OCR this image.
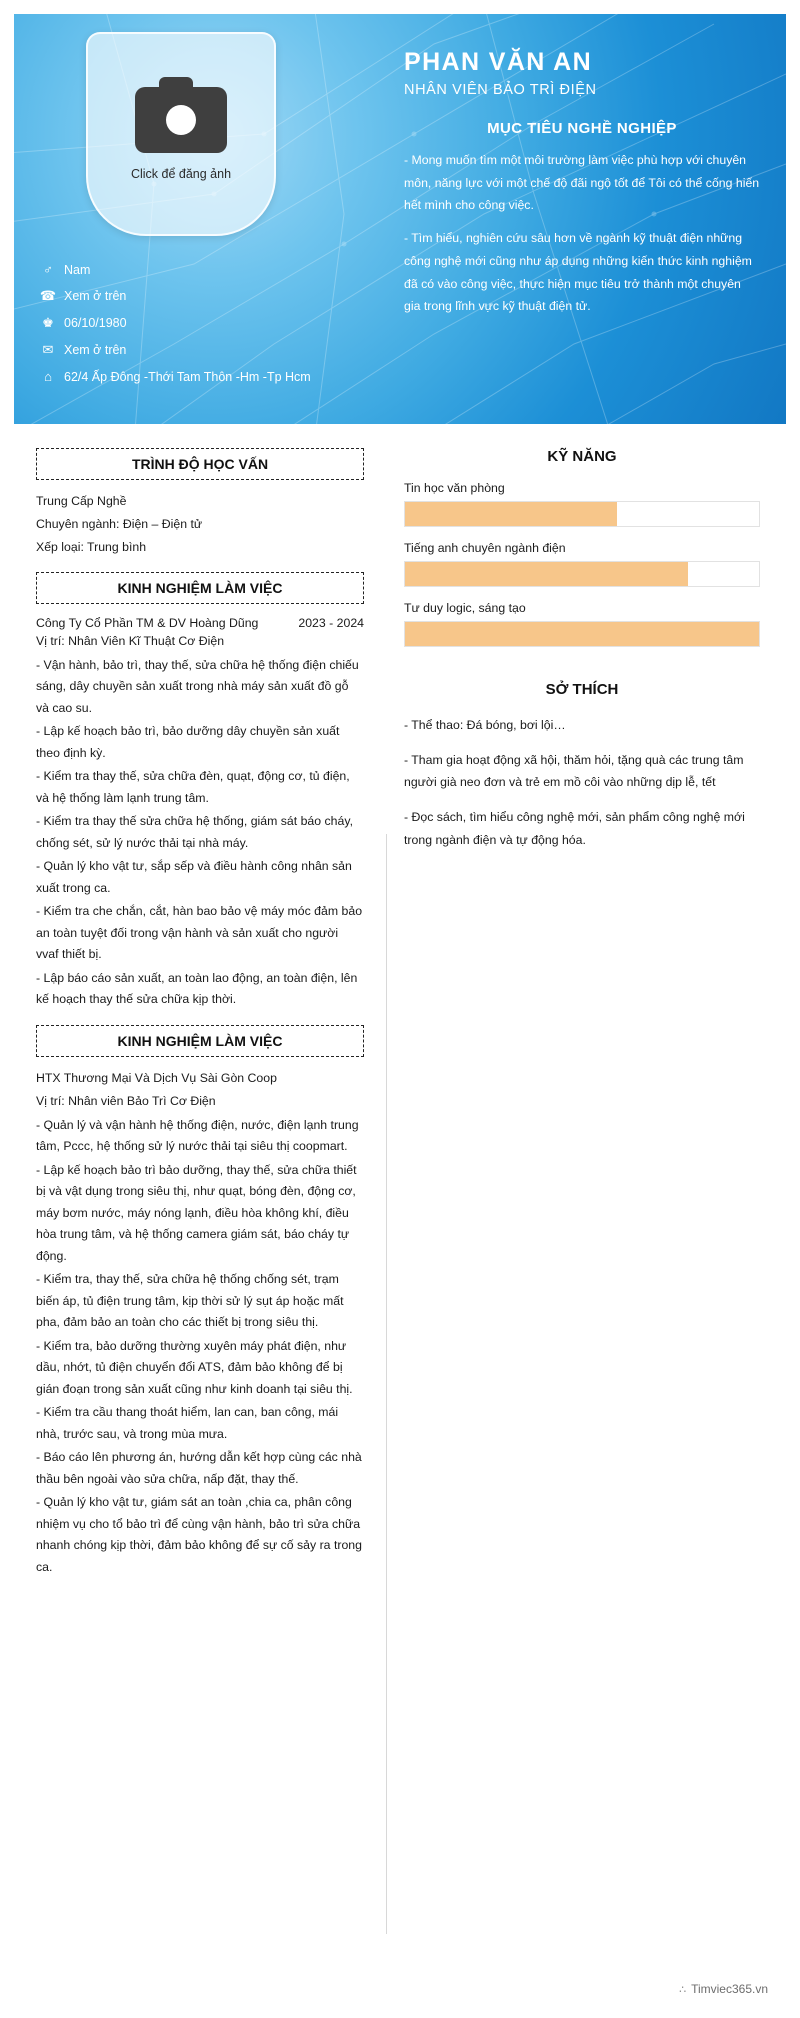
Click để đăng ảnh
♂ Nam
☎ Xem ở trên
♚ 06/10/1980
✉ Xem ở trên
⌂ 62/4 Ấp Đông -Thới Tam Thôn -Hm -Tp Hcm
PHAN VĂN AN
NHÂN VIÊN BẢO TRÌ ĐIỆN
MỤC TIÊU NGHỀ NGHIỆP

- Mong muốn tìm một môi trường làm việc phù hợp với chuyên môn, năng lực với một chế độ đãi ngộ tốt để Tôi có thể cống hiến hết mình cho công việc.

- Tìm hiểu, nghiên cứu sâu hơn về ngành kỹ thuật điện những công nghệ mới cũng như áp dụng những kiến thức kinh nghiệm đã có vào công việc, thực hiện mục tiêu trở thành một chuyên gia trong lĩnh vực kỹ thuật điện tử.

TRÌNH ĐỘ HỌC VẤN

Trung Cấp Nghề

Chuyên ngành: Điện – Điện tử

Xếp loại: Trung bình

KINH NGHIỆM LÀM VIỆC
Công Ty Cổ Phần TM & DV Hoàng Dũng	2023 - 2024

Vị trí: Nhân Viên Kĩ Thuật Cơ Điện

- Vận hành, bảo trì, thay thế, sửa chữa hệ thống điện chiếu sáng, dây chuyền sản xuất trong nhà máy sản xuất đồ gỗ và cao su.

- Lập kế hoạch bảo trì, bảo dưỡng dây chuyền sản xuất theo định kỳ.

- Kiểm tra thay thế, sửa chữa đèn, quạt, động cơ, tủ điện, và hệ thống làm lạnh trung tâm.

- Kiểm tra thay thế sửa chữa hệ thống, giám sát báo cháy, chống sét, sử lý nước thải tại nhà máy.

- Quản lý kho vật tư, sắp sếp và điều hành công nhân sản xuất trong ca.

- Kiểm tra che chắn, cắt, hàn bao bảo vệ máy móc đảm bảo an toàn tuyệt đối trong vận hành và sản xuất cho người vvaf thiết bị.

- Lập báo cáo sản xuất, an toàn lao động, an toàn điện, lên kế hoạch thay thế sửa chữa kịp thời.

KINH NGHIỆM LÀM VIỆC

HTX Thương Mại Và Dịch Vụ Sài Gòn Coop

Vị trí: Nhân viên Bảo Trì Cơ Điện

- Quản lý và vận hành hệ thống điện, nước, điện lạnh trung tâm, Pccc, hệ thống sử lý nước thải tại siêu thị coopmart.

- Lập kế hoạch bảo trì bảo dưỡng, thay thế, sửa chữa thiết bị và vật dụng trong siêu thị, như quạt, bóng đèn, động cơ, máy bơm nước, máy nóng lạnh, điều hòa không khí, điều hòa trung tâm, và hệ thống camera giám sát, báo cháy tự động.

- Kiểm tra, thay thế, sửa chữa hệ thống chống sét, trạm biến áp, tủ điện trung tâm, kịp thời sử lý sụt áp hoặc mất pha, đảm bảo an toàn cho các thiết bị trong siêu thị.

- Kiểm tra, bảo dưỡng thường xuyên máy phát điện, như dầu, nhớt, tủ điện chuyển đổi ATS, đảm bảo không để bị gián đoạn trong sản xuất cũng như kinh doanh tại siêu thị.

- Kiểm tra cầu thang thoát hiểm, lan can, ban công, mái nhà, trước sau, và trong mùa mưa.

- Báo cáo lên phương án, hướng dẫn kết hợp cùng các nhà thầu bên ngoài vào sửa chữa, nấp đặt, thay thế.

- Quản lý kho vật tư, giám sát an toàn ,chia ca, phân công nhiệm vụ cho tổ bảo trì để cùng vận hành, bảo trì sửa chữa nhanh chóng kịp thời, đảm bảo không để sự cố sảy ra trong ca.

KỸ NĂNG
Tin học văn phòng
Tiếng anh chuyên ngành điện
Tư duy logic, sáng tạo
SỞ THÍCH

- Thể thao: Đá bóng, bơi lội…

- Tham gia hoạt động xã hội, thăm hỏi, tặng quà các trung tâm người già neo đơn và trẻ em mồ côi vào những dịp lễ, tết

- Đọc sách, tìm hiểu công nghệ mới, sản phẩm công nghệ mới trong ngành điện và tự động hóa.

∴ Timviec365.vn
